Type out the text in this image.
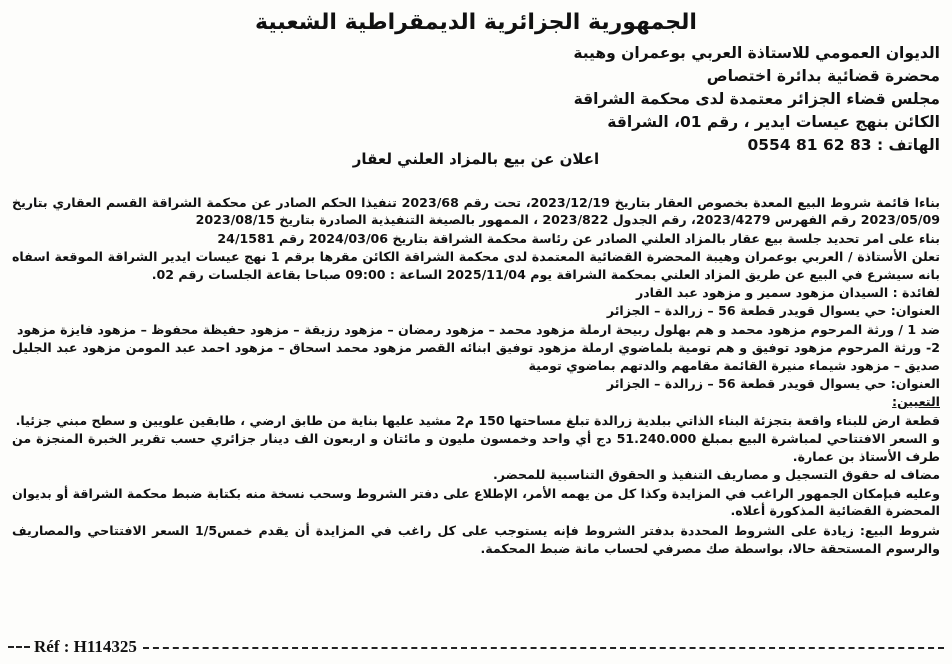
الجمهورية الجزائرية الديمقراطية الشعبية
الديوان العمومي للاستاذة العربي بوعمران وهيبة
محضرة قضائية بدائرة اختصاص
مجلس قضاء الجزائر معتمدة لدى محكمة الشراقة
الكائن بنهج عيسات ايدير ، رقم 01، الشراقة
الهاتف : 0554 81 62 83
اعلان عن بيع بالمزاد العلني لعقار

بناءا قائمة شروط البيع المعدة بخصوص العقار بتاريخ 2023/12/19، تحت رقم 2023/68 تنفيذا الحكم الصادر عن محكمة الشراقة القسم العقاري بتاريخ 2023/05/09 رقم الفهرس 2023/4279، رقم الجدول 2023/822 ، الممهور بالصيغة التنفيذية الصادرة بتاريخ 2023/08/15

بناء على امر تحديد جلسة بيع عقار بالمزاد العلني الصادر عن رئاسة محكمة الشراقة بتاريخ 2024/03/06 رقم 24/1581

تعلن الأستاذة / العربي بوعمران وهيبة المحضرة القضائية المعتمدة لدى محكمة الشراقة الكائن مقرها برقم 1 نهج عيسات ايدير الشراقة الموقعة اسفاه بانه سيشرع في البيع عن طريق المزاد العلني بمحكمة الشراقة يوم 2025/11/04 الساعة : 09:00 صباحا بقاعة الجلسات رقم 02.

لفائدة : السيدان مزهود سمير و مزهود عبد القادر

العنوان: حي يسوال قويدر قطعة 56 – زرالدة – الجزائر

ضد 1 / ورثة المرحوم مزهود محمد و هم بهلول ربيحة ارملة مزهود محمد – مزهود رمضان – مزهود رزيقة – مزهود حفيظة محفوظ – مزهود فايزة مزهود

2- ورثة المرحوم مزهود توفيق و هم تومية بلماضوي ارملة مزهود توفيق ابنائه القصر مزهود محمد اسحاق – مزهود احمد عبد المومن مزهود عبد الجليل صديق – مزهود شيماء منيرة القائمة مقامهم والدتهم بماضوي تومية

العنوان: حي يسوال قويدر قطعة 56 – زرالدة – الجزائر

التعيين:

قطعة ارض للبناء واقعة بتجزئة البناء الذاتي ببلدية زرالدة تبلغ مساحتها 150 م2 مشيد عليها بناية من طابق ارضي ، طابقين علويين و سطح مبني جزئيا.

و السعر الافتتاحي لمباشرة البيع بمبلغ 51.240.000 دج أي واحد وخمسون مليون و مائتان و اربعون الف دينار جزائري حسب تقرير الخبرة المنجزة من طرف الأستاذ بن عمارة.

مضاف له حقوق التسجيل و مصاريف التنفيذ و الحقوق التناسبية للمحضر.

وعليه فبإمكان الجمهور الراغب في المزايدة وكذا كل من يهمه الأمر، الإطلاع على دفتر الشروط وسحب نسخة منه بكتابة ضبط محكمة الشراقة أو بديوان المحضرة القضائية المذكورة أعلاه.

شروط البيع: زيادة على الشروط المحددة بدفتر الشروط فإنه يستوجب على كل راغب في المزايدة أن يقدم خمس1/5 السعر الافتتاحي والمصاريف والرسوم المستحقة حالا، بواسطة صك مصرفي لحساب مانة ضبط المحكمة.

Réf : H114325
